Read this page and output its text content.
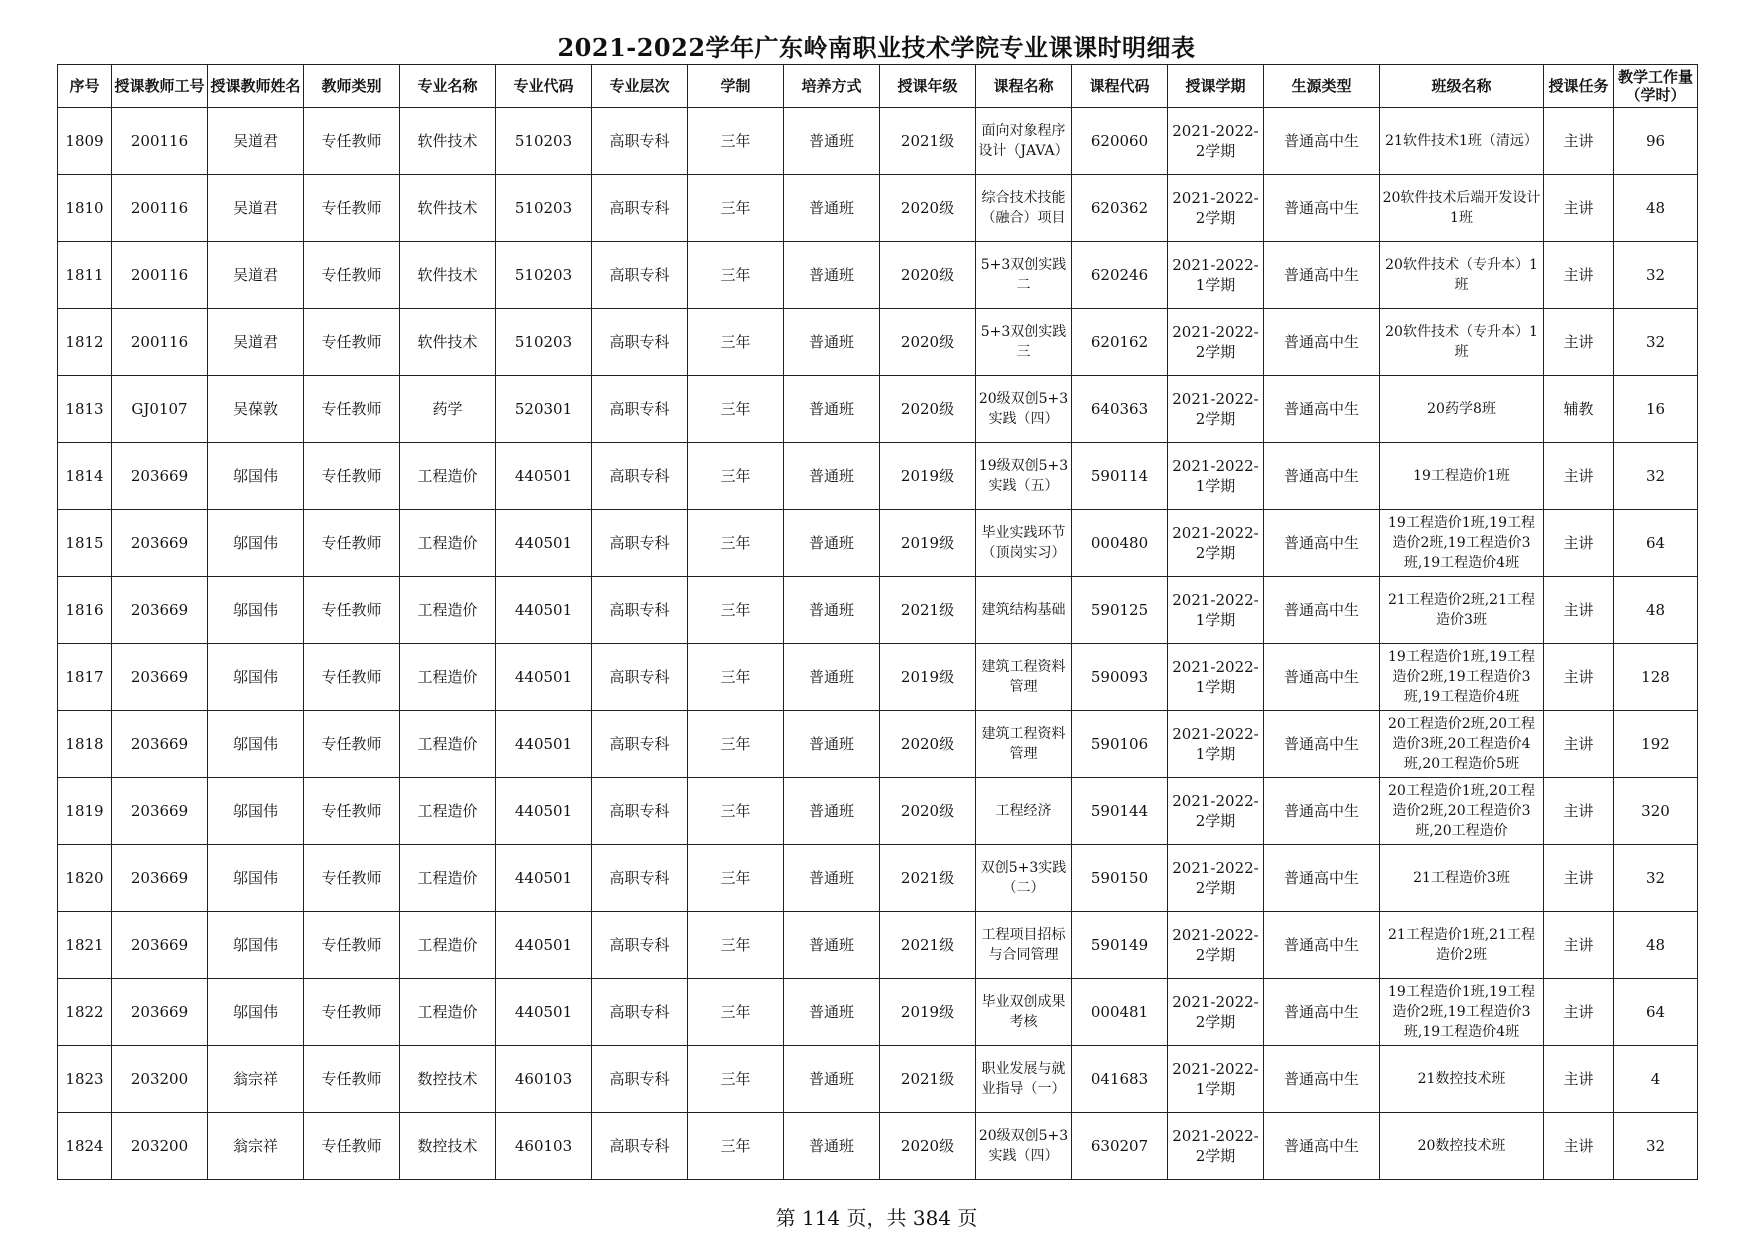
2021-2022学年广东岭南职业技术学院专业课课时明细表
序号	授课教师工号	授课教师姓名	教师类别	专业名称	专业代码	专业层次	学制	培养方式	授课年级	课程名称	课程代码	授课学期	生源类型	班级名称	授课任务	教学工作量（学时）

1809	200116	吴道君	专任教师	软件技术	510203	高职专科	三年	普通班	2021级	面向对象程序设计（JAVA）	620060	2021-2022-2学期	普通高中生	21软件技术1班（清远）	主讲	96

1810	200116	吴道君	专任教师	软件技术	510203	高职专科	三年	普通班	2020级	综合技术技能（融合）项目	620362	2021-2022-2学期	普通高中生	20软件技术后端开发设计1班	主讲	48

1811	200116	吴道君	专任教师	软件技术	510203	高职专科	三年	普通班	2020级	5+3双创实践二	620246	2021-2022-1学期	普通高中生	20软件技术（专升本）1班	主讲	32

1812	200116	吴道君	专任教师	软件技术	510203	高职专科	三年	普通班	2020级	5+3双创实践三	620162	2021-2022-2学期	普通高中生	20软件技术（专升本）1班	主讲	32

1813	GJ0107	吴葆敦	专任教师	药学	520301	高职专科	三年	普通班	2020级	20级双创5+3实践（四）	640363	2021-2022-2学期	普通高中生	20药学8班	辅教	16

1814	203669	邬国伟	专任教师	工程造价	440501	高职专科	三年	普通班	2019级	19级双创5+3实践（五）	590114	2021-2022-1学期	普通高中生	19工程造价1班	主讲	32

1815	203669	邬国伟	专任教师	工程造价	440501	高职专科	三年	普通班	2019级	毕业实践环节（顶岗实习）	000480	2021-2022-2学期	普通高中生	19工程造价1班,19工程造价2班,19工程造价3班,19工程造价4班	主讲	64

1816	203669	邬国伟	专任教师	工程造价	440501	高职专科	三年	普通班	2021级	建筑结构基础	590125	2021-2022-1学期	普通高中生	21工程造价2班,21工程造价3班	主讲	48

1817	203669	邬国伟	专任教师	工程造价	440501	高职专科	三年	普通班	2019级	建筑工程资料管理	590093	2021-2022-1学期	普通高中生	19工程造价1班,19工程造价2班,19工程造价3班,19工程造价4班	主讲	128

1818	203669	邬国伟	专任教师	工程造价	440501	高职专科	三年	普通班	2020级	建筑工程资料管理	590106	2021-2022-1学期	普通高中生	20工程造价2班,20工程造价3班,20工程造价4班,20工程造价5班	主讲	192

1819	203669	邬国伟	专任教师	工程造价	440501	高职专科	三年	普通班	2020级	工程经济	590144	2021-2022-2学期	普通高中生	20工程造价1班,20工程造价2班,20工程造价3班,20工程造价	主讲	320

1820	203669	邬国伟	专任教师	工程造价	440501	高职专科	三年	普通班	2021级	双创5+3实践（二）	590150	2021-2022-2学期	普通高中生	21工程造价3班	主讲	32

1821	203669	邬国伟	专任教师	工程造价	440501	高职专科	三年	普通班	2021级	工程项目招标与合同管理	590149	2021-2022-2学期	普通高中生	21工程造价1班,21工程造价2班	主讲	48

1822	203669	邬国伟	专任教师	工程造价	440501	高职专科	三年	普通班	2019级	毕业双创成果考核	000481	2021-2022-2学期	普通高中生	19工程造价1班,19工程造价2班,19工程造价3班,19工程造价4班	主讲	64

1823	203200	翁宗祥	专任教师	数控技术	460103	高职专科	三年	普通班	2021级	职业发展与就业指导（一）	041683	2021-2022-1学期	普通高中生	21数控技术班	主讲	4

1824	203200	翁宗祥	专任教师	数控技术	460103	高职专科	三年	普通班	2020级	20级双创5+3实践（四）	630207	2021-2022-2学期	普通高中生	20数控技术班	主讲	32
第 114 页，共 384 页
